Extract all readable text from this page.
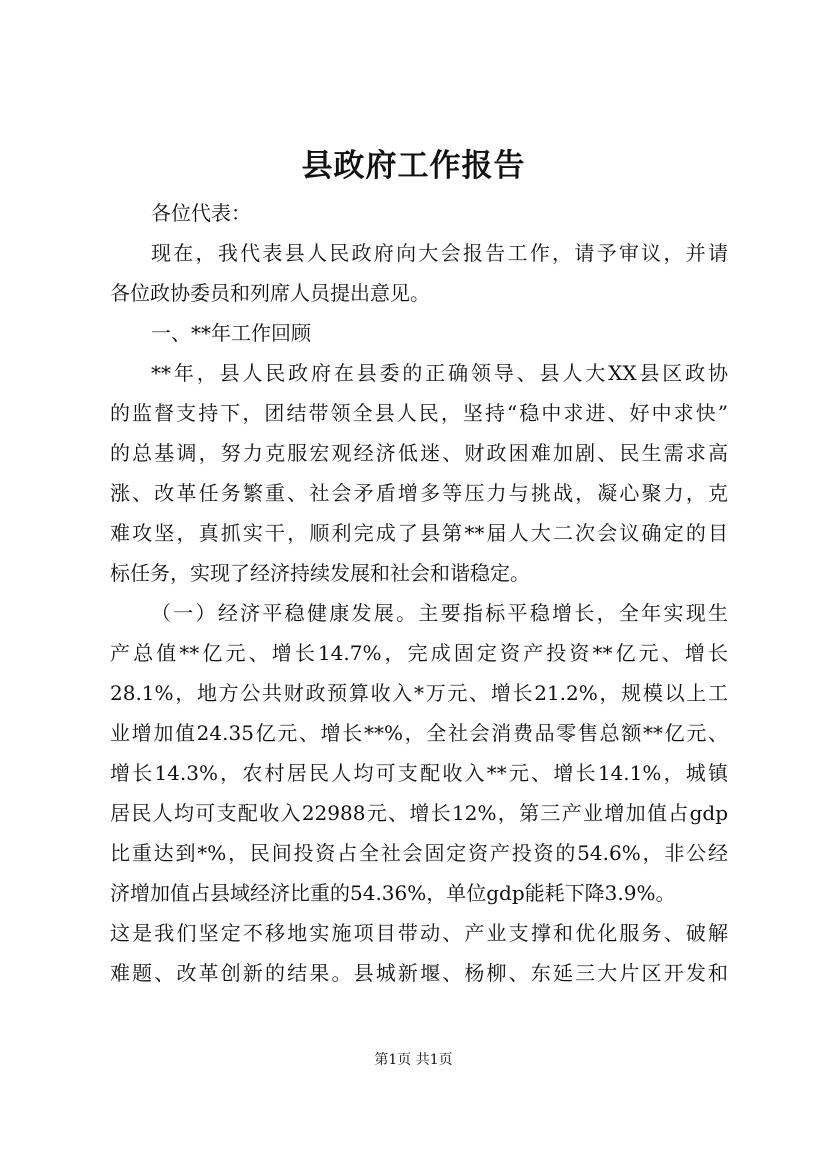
县政府工作报告
各位代表：
现在，我代表县人民政府向大会报告工作，请予审议，并请
各位政协委员和列席人员提出意见。
一、**年工作回顾
**年，县人民政府在县委的正确领导、县人大XX县区政协
的监督支持下，团结带领全县人民，坚持“稳中求进、好中求快”
的总基调，努力克服宏观经济低迷、财政困难加剧、民生需求高
涨、改革任务繁重、社会矛盾增多等压力与挑战，凝心聚力，克
难攻坚，真抓实干，顺利完成了县第**届人大二次会议确定的目
标任务，实现了经济持续发展和社会和谐稳定。
（一）经济平稳健康发展。主要指标平稳增长，全年实现生
产总值**亿元、增长14.7%，完成固定资产投资**亿元、增长
28.1%，地方公共财政预算收入*万元、增长21.2%，规模以上工
业增加值24.35亿元、增长**%，全社会消费品零售总额**亿元、
增长14.3%，农村居民人均可支配收入**元、增长14.1%，城镇
居民人均可支配收入22988元、增长12%，第三产业增加值占gdp
比重达到*%，民间投资占全社会固定资产投资的54.6%，非公经
济增加值占县域经济比重的54.36%，单位gdp能耗下降3.9%。
这是我们坚定不移地实施项目带动、产业支撑和优化服务、破解
难题、改革创新的结果。县城新堰、杨柳、东延三大片区开发和
第1页 共1页
